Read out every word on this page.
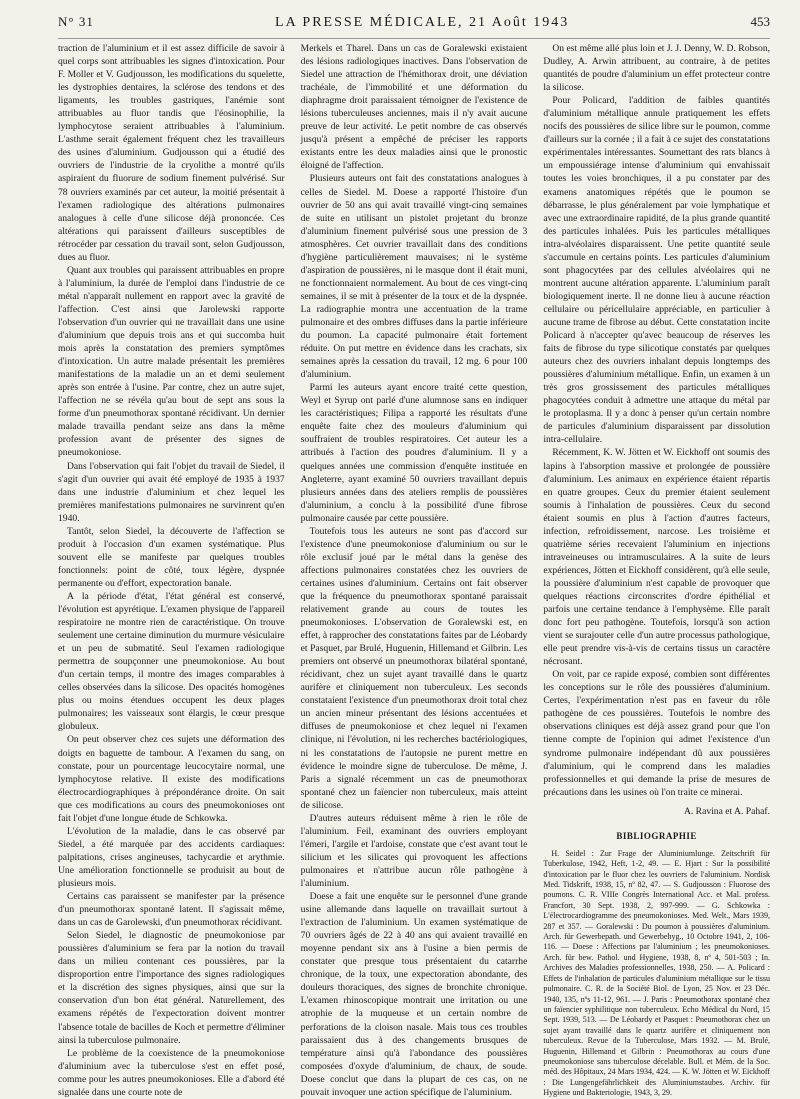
N° 31	LA PRESSE MÉDICALE, 21 Août 1943	453

traction de l'aluminium et il est assez difficile de savoir à quel corps sont attribuables les signes d'intoxication. Pour F. Moller et V. Gudjousson, les modifications du squelette, les dystrophies dentaires, la sclérose des tendons et des ligaments, les troubles gastriques, l'anémie sont attribuables au fluor tandis que l'éosinophilie, la lymphocytose seraient attribuables à l'aluminium. L'asthme serait également fréquent chez les travailleurs des usines d'aluminium. Gudjousson qui a étudié des ouvriers de l'industrie de la cryolithe a montré qu'ils aspiraient du fluorure de sodium finement pulvérisé. Sur 78 ouvriers examinés par cet auteur, la moitié présentait à l'examen radiologique des altérations pulmonaires analogues à celle d'une silicose déjà prononcée. Ces altérations qui paraissent d'ailleurs susceptibles de rétrocéder par cessation du travail sont, selon Gudjousson, dues au fluor.

Quant aux troubles qui paraissent attribuables en propre à l'aluminium, la durée de l'emploi dans l'industrie de ce métal n'apparaît nullement en rapport avec la gravité de l'affection. C'est ainsi que Jarolewski rapporte l'observation d'un ouvrier qui ne travaillait dans une usine d'aluminium que depuis trois ans et qui succomba huit mois après la constatation des premiers symptômes d'intoxication. Un autre malade présentait les premières manifestations de la maladie un an et demi seulement après son entrée à l'usine. Par contre, chez un autre sujet, l'affection ne se révéla qu'au bout de sept ans sous la forme d'un pneumothorax spontané récidivant. Un dernier malade travailla pendant seize ans dans la même profession avant de présenter des signes de pneumokoniose.

Dans l'observation qui fait l'objet du travail de Siedel, il s'agit d'un ouvrier qui avait été employé de 1935 à 1937 dans une industrie d'aluminium et chez lequel les premières manifestations pulmonaires ne survinrent qu'en 1940.

Tantôt, selon Siedel, la découverte de l'affection se produit à l'occasion d'un examen systématique. Plus souvent elle se manifeste par quelques troubles fonctionnels: point de côté, toux légère, dyspnée permanente ou d'effort, expectoration banale.

A la période d'état, l'état général est conservé, l'évolution est apyrétique. L'examen physique de l'appareil respiratoire ne montre rien de caractéristique. On trouve seulement une certaine diminution du murmure vésiculaire et un peu de submatité. Seul l'examen radiologique permettra de soupçonner une pneumokoniose. Au bout d'un certain temps, il montre des images comparables à celles observées dans la silicose. Des opacités homogènes plus ou moins étendues occupent les deux plages pulmonaires; les vaisseaux sont élargis, le cœur presque globuleux.

On peut observer chez ces sujets une déformation des doigts en baguette de tambour. A l'examen du sang, on constate, pour un pourcentage leucocytaire normal, une lymphocytose relative. Il existe des modifications électrocardiographiques à prépondérance droite. On sait que ces modifications au cours des pneumokonioses ont fait l'objet d'une longue étude de Schkowka.

L'évolution de la maladie, dans le cas observé par Siedel, a été marquée par des accidents cardiaques: palpitations, crises angineuses, tachycardie et arythmie. Une amélioration fonctionnelle se produisit au bout de plusieurs mois.

Certains cas paraissent se manifester par la présence d'un pneumothorax spontané latent. Il s'agissait même, dans un cas de Garolewski, d'un pneumothorax récidivant.

Selon Siedel, le diagnostic de pneumokoniose par poussières d'aluminium se fera par la notion du travail dans un milieu contenant ces poussières, par la disproportion entre l'importance des signes radiologiques et la discrétion des signes physiques, ainsi que sur la conservation d'un bon état général. Naturellement, des examens répétés de l'expectoration doivent montrer l'absence totale de bacilles de Koch et permettre d'éliminer ainsi la tuberculose pulmonaire.

Le problème de la coexistence de la pneumokoniose d'aluminium avec la tuberculose s'est en effet posé, comme pour les autres pneumokonioses. Elle a d'abord été signalée dans une courte note de

Merkels et Tharel. Dans un cas de Goralewski existaient des lésions radiologiques inactives. Dans l'observation de Siedel une attraction de l'hémithorax droit, une déviation trachéale, de l'immobilité et une déformation du diaphragme droit paraissaient témoigner de l'existence de lésions tuberculeuses anciennes, mais il n'y avait aucune preuve de leur activité. Le petit nombre de cas observés jusqu'à présent a empêché de préciser les rapports existants entre les deux maladies ainsi que le pronostic éloigné de l'affection.

Plusieurs auteurs ont fait des constatations analogues à celles de Siedel. M. Doese a rapporté l'histoire d'un ouvrier de 50 ans qui avait travaillé vingt-cinq semaines de suite en utilisant un pistolet projetant du bronze d'aluminium finement pulvérisé sous une pression de 3 atmosphères. Cet ouvrier travaillait dans des conditions d'hygiène particulièrement mauvaises; ni le système d'aspiration de poussières, ni le masque dont il était muni, ne fonctionnaient normalement. Au bout de ces vingt-cinq semaines, il se mit à présenter de la toux et de la dyspnée. La radiographie montra une accentuation de la trame pulmonaire et des ombres diffuses dans la partie inférieure du poumon. La capacité pulmonaire était fortement réduite. On put mettre en évidence dans les crachats, six semaines après la cessation du travail, 12 mg. 6 pour 100 d'aluminium.

Parmi les auteurs ayant encore traité cette question, Weyl et Syrup ont parlé d'une alumnose sans en indiquer les caractéristiques; Filipa a rapporté les résultats d'une enquête faite chez des mouleurs d'aluminium qui souffraient de troubles respiratoires. Cet auteur les a attribués à l'action des poudres d'aluminium. Il y a quelques années une commission d'enquête instituée en Angleterre, ayant examiné 50 ouvriers travaillant depuis plusieurs années dans des ateliers remplis de poussières d'aluminium, a conclu à la possibilité d'une fibrose pulmonaire causée par cette poussière.

Toutefois tous les auteurs ne sont pas d'accord sur l'existence d'une pneumokoniose d'aluminium ou sur le rôle exclusif joué par le métal dans la genèse des affections pulmonaires constatées chez les ouvriers de certaines usines d'aluminium. Certains ont fait observer que la fréquence du pneumothorax spontané paraissait relativement grande au cours de toutes les pneumokonioses. L'observation de Goralewski est, en effet, à rapprocher des constatations faites par de Léobardy et Pasquet, par Brulé, Huguenin, Hillemand et Gilbrin. Les premiers ont observé un pneumothorax bilatéral spontané, récidivant, chez un sujet ayant travaillé dans le quartz aurifère et cliniquement non tuberculeux. Les seconds constataient l'existence d'un pneumothorax droit total chez un ancien mineur présentant des lésions accentuées et diffuses de pneumokoniose et chez lequel ni l'examen clinique, ni l'évolution, ni les recherches bactériologiques, ni les constatations de l'autopsie ne purent mettre en évidence le moindre signe de tuberculose. De même, J. Paris a signalé récemment un cas de pneumothorax spontané chez un faïencier non tuberculeux, mais atteint de silicose.

D'autres auteurs réduisent même à rien le rôle de l'aluminium. Feil, examinant des ouvriers employant l'émeri, l'argile et l'ardoise, constate que c'est avant tout le silicium et les silicates qui provoquent les affections pulmonaires et n'attribue aucun rôle pathogène à l'aluminium.

Doese a fait une enquête sur le personnel d'une grande usine allemande dans laquelle on travaillait surtout à l'extraction de l'aluminium. Un examen systématique de 70 ouvriers âgés de 22 à 40 ans qui avaient travaillé en moyenne pendant six ans à l'usine a bien permis de constater que presque tous présentaient du catarrhe chronique, de la toux, une expectoration abondante, des douleurs thoraciques, des signes de bronchite chronique. L'examen rhinoscopique montrait une irritation ou une atrophie de la muqueuse et un certain nombre de perforations de la cloison nasale. Mais tous ces troubles paraissaient dus à des changements brusques de température ainsi qu'à l'abondance des poussières composées d'oxyde d'aluminium, de chaux, de soude. Doese conclut que dans la plupart de ces cas, on ne pouvait invoquer une action spécifique de l'aluminium.

On est même allé plus loin et J. J. Denny, W. D. Robson, Dudley, A. Arwin attribuent, au contraire, à de petites quantités de poudre d'aluminium un effet protecteur contre la silicose.

Pour Policard, l'addition de faibles quantités d'aluminium métallique annule pratiquement les effets nocifs des poussières de silice libre sur le poumon, comme d'ailleurs sur la cornée ; il a fait à ce sujet des constatations expérimentales intéressantes. Soumettant des rats blancs à un empoussiérage intense d'aluminium qui envahissait toutes les voies bronchiques, il a pu constater par des examens anatomiques répétés que le poumon se débarrasse, le plus généralement par voie lymphatique et avec une extraordinaire rapidité, de la plus grande quantité des particules inhalées. Puis les particules métalliques intra-alvéolaires disparaissent. Une petite quantité seule s'accumule en certains points. Les particules d'aluminium sont phagocytées par des cellules alvéolaires qui ne montrent aucune altération apparente. L'aluminium paraît biologiquement inerte. Il ne donne lieu à aucune réaction cellulaire ou péricellulaire appréciable, en particulier à aucune trame de fibrose au début. Cette constatation incite Policard à n'accepter qu'avec beaucoup de réserves les faits de fibrose du type silicotique constatés par quelques auteurs chez des ouvriers inhalant depuis longtemps des poussières d'aluminium métallique. Enfin, un examen à un très gros grossissement des particules métalliques phagocytées conduit à admettre une attaque du métal par le protoplasma. Il y a donc à penser qu'un certain nombre de particules d'aluminium disparaissent par dissolution intra-cellulaire.

Récemment, K. W. Jötten et W. Eickhoff ont soumis des lapins à l'absorption massive et prolongée de poussière d'aluminium. Les animaux en expérience étaient répartis en quatre groupes. Ceux du premier étaient seulement soumis à l'inhalation de poussières. Ceux du second étaient soumis en plus à l'action d'autres facteurs, infection, refroidissement, narcose. Les troisième et quatrième séries recevaient l'aluminium en injections intraveineuses ou intramusculaires. A la suite de leurs expériences, Jötten et Eickhoff considèrent, qu'à elle seule, la poussière d'aluminium n'est capable de provoquer que quelques réactions circonscrites d'ordre épithélial et parfois une certaine tendance à l'emphysème. Elle paraît donc fort peu pathogène. Toutefois, lorsqu'à son action vient se surajouter celle d'un autre processus pathologique, elle peut prendre vis-à-vis de certains tissus un caractère nécrosant.

On voit, par ce rapide exposé, combien sont différentes les conceptions sur le rôle des poussières d'aluminium. Certes, l'expérimentation n'est pas en faveur du rôle pathogène de ces poussières. Toutefois le nombre des observations cliniques est déjà assez grand pour que l'on tienne compte de l'opinion qui admet l'existence d'un syndrome pulmonaire indépendant dû aux poussières d'aluminium, qui le comprend dans les maladies professionnelles et qui demande la prise de mesures de précautions dans les usines où l'on traite ce minerai.

A. Ravina et A. Pahaf.

BIBLIOGRAPHIE

H. Seidel : Zur Frage der Aluminiumlunge. Zeitschrift für Tuberkulose, 1942, Heft, 1-2, 49. — E. Hjart : Sur la possibilité d'intoxication par le fluor chez les ouvriers de l'aluminium. Nordisk Med. Tidskrift, 1938, 15, nº 82, 47. — S. Gudjousson : Fluorose des poumons. C. R. VIIIe Congrès International Acc. et Mal. profess. Francfort, 30 Sept. 1938, 2, 997-999. — G. Schkowka : L'électrocardiogramme des pneumokonioses. Med. Welt., Mars 1939, 287 et 357. — Goralewski : Du poumon à poussières d'aluminium. Arch. für Gewerbepath. und Gewerbehyg., 10 Octobre 1941, 2, 106-116. — Doese : Affections par l'aluminium ; les pneumokonioses. Arch. für bew. Pathol. und Hygiene, 1938, 8, nº 4, 501-503 ; In. Archives des Maladies professionnelles, 1938, 250. — A. Policard : Effets de l'inhalation de particules d'aluminium métallique sur le tissu pulmonaire. C. R. de la Société Biol. de Lyon, 25 Nov. et 23 Déc. 1940, 135, nºs 11-12, 961. — J. Paris : Pneumothorax spontané chez un faïencier syphilitique non tuberculeux. Echo Médical du Nord, 15 Sept. 1939, 513. — De Léobardy et Pasquet : Pneumothorax chez un sujet ayant travaillé dans le quartz aurifère et cliniquement non tuberculeux. Revue de la Tuberculose, Mars 1932. — M. Brulé, Huguenin, Hillemand et Gilbrin : Pneumothorax au cours d'une pneumokoniose sans tuberculose décelable. Bull. et Mém. de la Soc. méd. des Hôpitaux, 24 Mars 1934, 424. — K. W. Jötten et W. Eickhoff : Die Lungengefährlichkeit des Aluminiumstaubes. Archiv. für Hygiene und Bakteriologie, 1943, 3, 29.
